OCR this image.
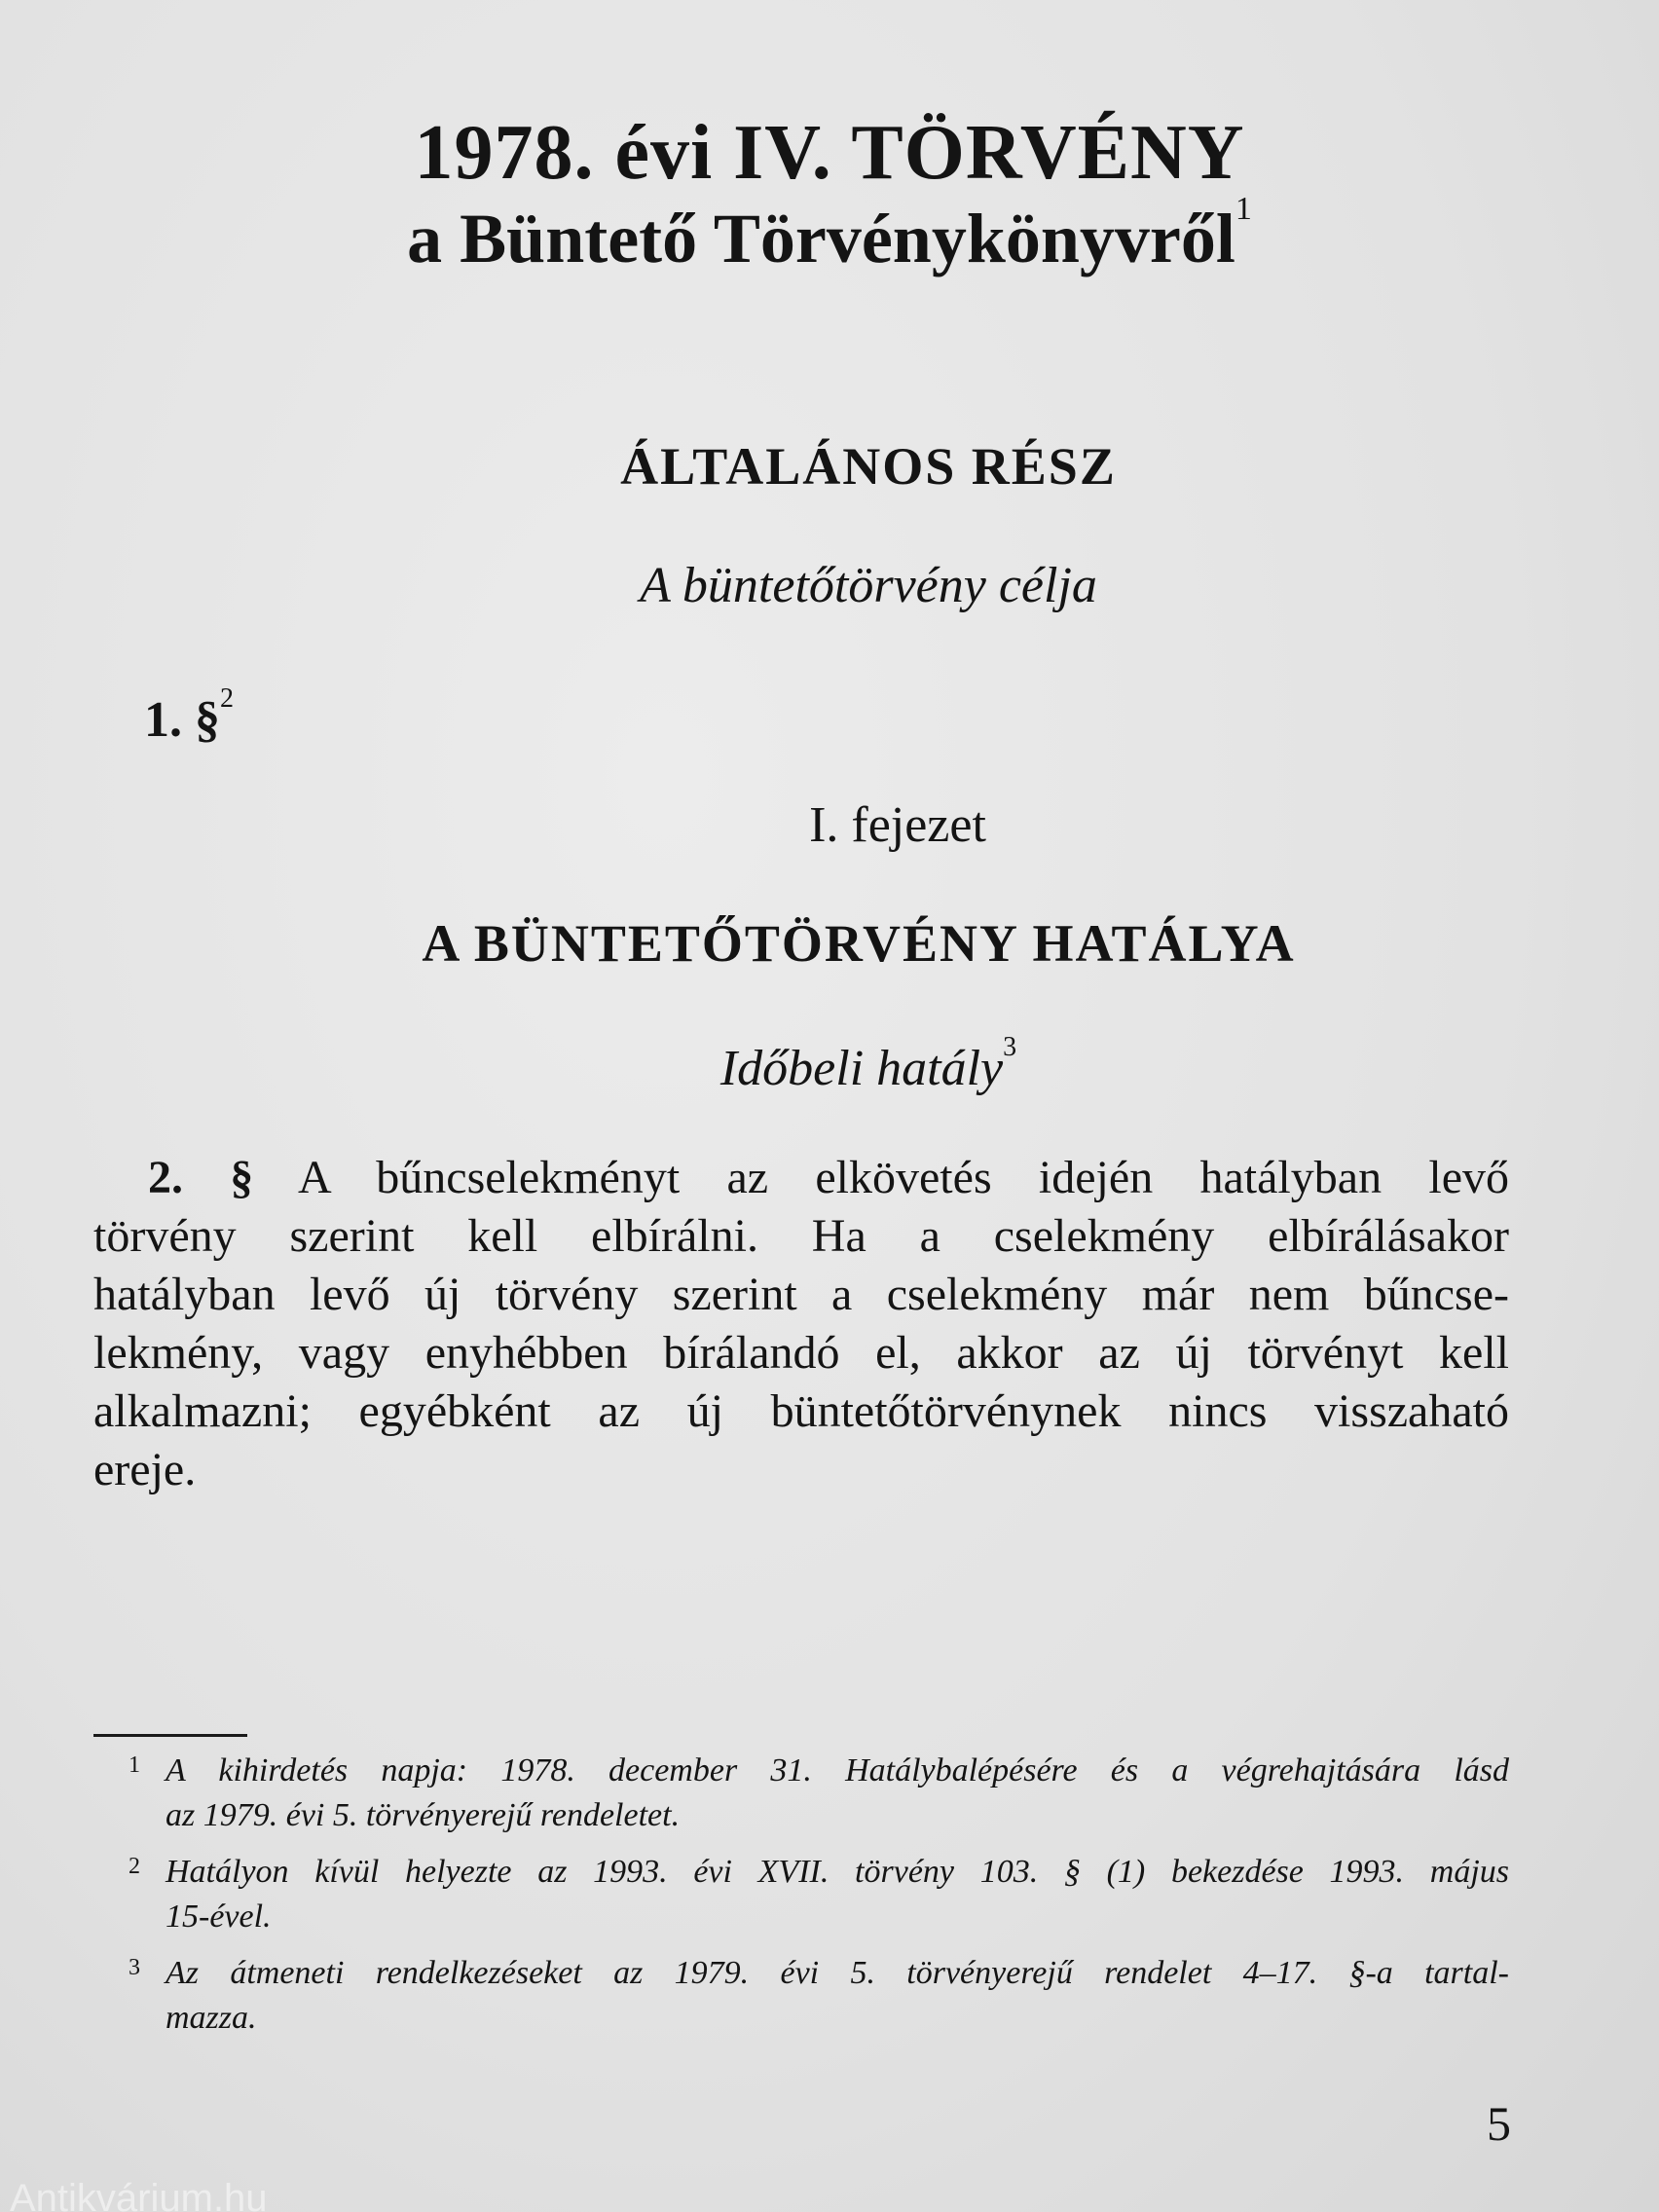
1978. évi IV. TÖRVÉNY
a Büntető Törvénykönyvről$^1$
ÁLTALÁNOS RÉSZ
A büntetőtörvény célja
1. §$^2$
I. fejezet
A BÜNTETŐTÖRVÉNY HATÁLYA
Időbeli hatály$^3$
2. § A bűncselekményt az elkövetés idején hatályban levő
törvény szerint kell elbírálni. Ha a cselekmény elbírálásakor
hatályban levő új törvény szerint a cselekmény már nem bűncse-
lekmény, vagy enyhébben bírálandó el, akkor az új törvényt kell
alkalmazni; egyébként az új büntetőtörvénynek nincs visszaható
ereje.
1 A kihirdetés napja: 1978. december 31. Hatálybalépésére és a végrehajtására lásd
az 1979. évi 5. törvényerejű rendeletet.
2 Hatályon kívül helyezte az 1993. évi XVII. törvény 103. § (1) bekezdése 1993. május
15-ével.
3 Az átmeneti rendelkezéseket az 1979. évi 5. törvényerejű rendelet 4–17. §-a tartal-
mazza.
5
Antikvárium.hu
